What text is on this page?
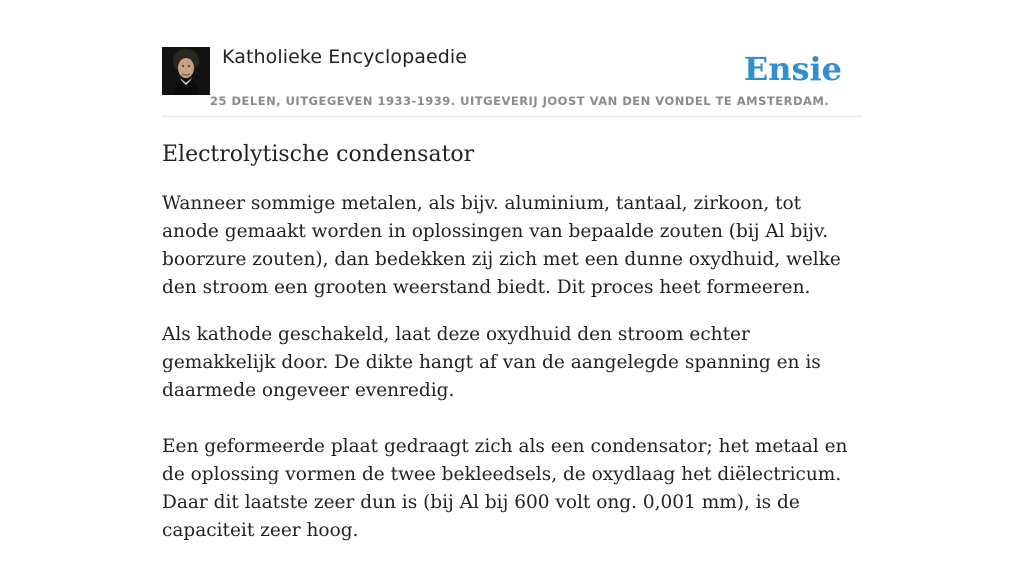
Katholieke Encyclopaedie
25 DELEN, UITGEGEVEN 1933-1939. UITGEVERIJ JOOST VAN DEN VONDEL TE AMSTERDAM.
Ensie
Electrolytische condensator

Wanneer sommige metalen, als bijv. aluminium, tantaal, zirkoon, tot anode gemaakt worden in oplossingen van bepaalde zouten (bij Al bijv. boorzure zouten), dan bedekken zij zich met een dunne oxydhuid, welke den stroom een grooten weerstand biedt. Dit proces heet formeeren.

Als kathode geschakeld, laat deze oxydhuid den stroom echter gemakkelijk door. De dikte hangt af van de aangelegde spanning en is daarmede ongeveer evenredig.

Een geformeerde plaat gedraagt zich als een condensator; het metaal en de oplossing vormen de twee bekleedsels, de oxydlaag het diëlectricum. Daar dit laatste zeer dun is (bij Al bij 600 volt ong. 0,001 mm), is de capaciteit zeer hoog.
